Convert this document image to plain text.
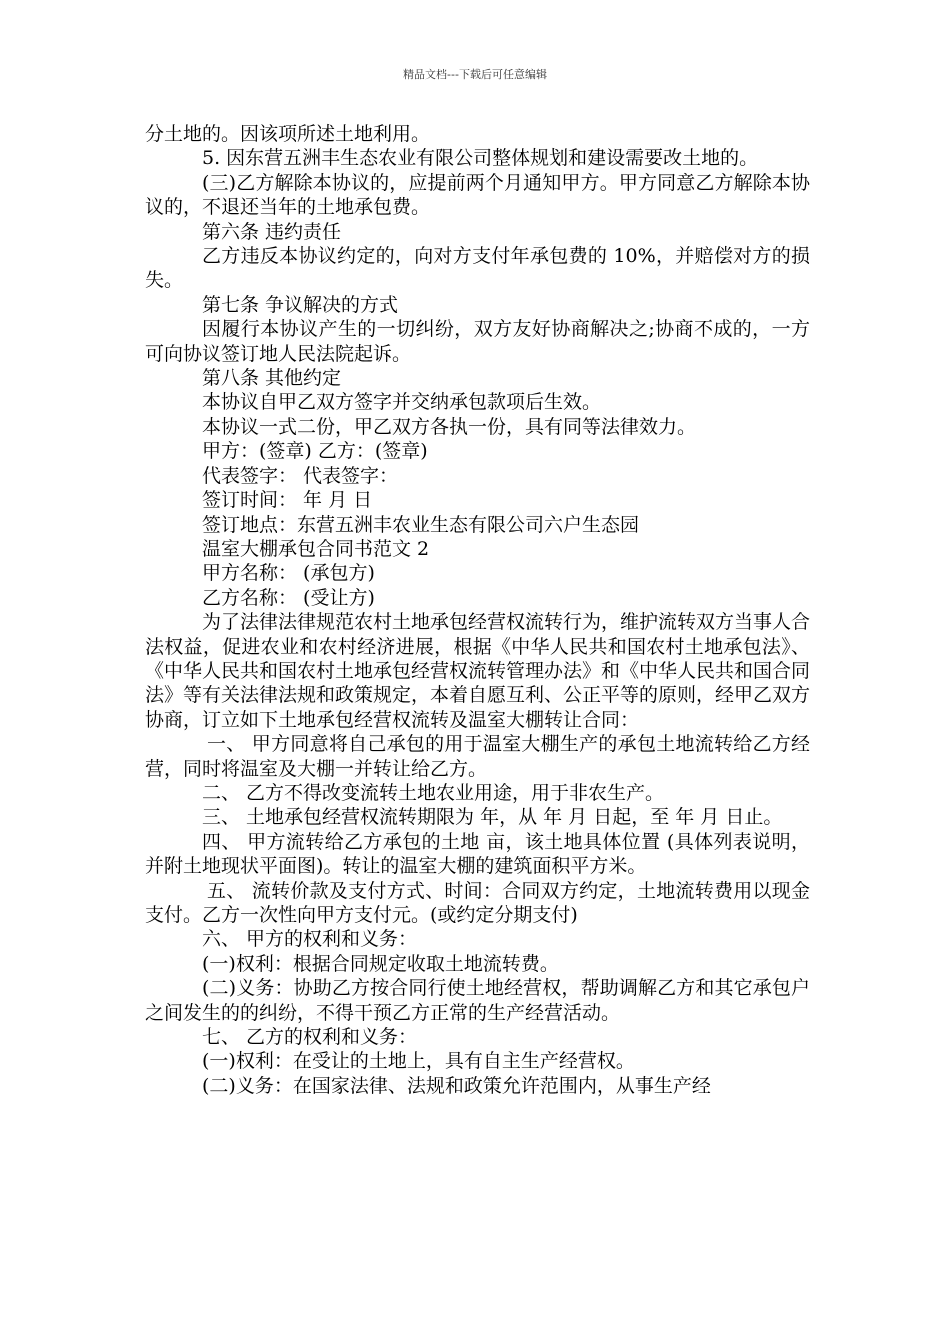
精品文档---下载后可任意编辑

分土地的。因该项所述土地利用。

5. 因东营五洲丰生态农业有限公司整体规划和建设需要改土地的。

(三)乙方解除本协议的，应提前两个月通知甲方。甲方同意乙方解除本协议的，不退还当年的土地承包费。

第六条 违约责任

乙方违反本协议约定的，向对方支付年承包费的 10%，并赔偿对方的损失。

第七条 争议解决的方式

因履行本协议产生的一切纠纷，双方友好协商解决之;协商不成的，一方可向协议签订地人民法院起诉。

第八条 其他约定

本协议自甲乙双方签字并交纳承包款项后生效。

本协议一式二份，甲乙双方各执一份，具有同等法律效力。

甲方：(签章) 乙方：(签章)

代表签字： 代表签字：

签订时间： 年 月 日

签订地点：东营五洲丰农业生态有限公司六户生态园

温室大棚承包合同书范文 2

甲方名称： (承包方)

乙方名称： (受让方)

为了法律法律规范农村土地承包经营权流转行为，维护流转双方当事人合法权益，促进农业和农村经济进展，根据《中华人民共和国农村土地承包法》、《中华人民共和国农村土地承包经营权流转管理办法》和《中华人民共和国合同法》等有关法律法规和政策规定，本着自愿互利、公正平等的原则，经甲乙双方协商，订立如下土地承包经营权流转及温室大棚转让合同：

一、 甲方同意将自己承包的用于温室大棚生产的承包土地流转给乙方经营，同时将温室及大棚一并转让给乙方。

二、 乙方不得改变流转土地农业用途，用于非农生产。

三、 土地承包经营权流转期限为 年，从 年 月 日起，至 年 月 日止。

四、 甲方流转给乙方承包的土地 亩，该土地具体位置 (具体列表说明，并附土地现状平面图)。转让的温室大棚的建筑面积平方米。

五、 流转价款及支付方式、时间：合同双方约定，土地流转费用以现金支付。乙方一次性向甲方支付元。(或约定分期支付)

六、 甲方的权利和义务：

(一)权利：根据合同规定收取土地流转费。

(二)义务：协助乙方按合同行使土地经营权，帮助调解乙方和其它承包户之间发生的的纠纷，不得干预乙方正常的生产经营活动。

七、 乙方的权利和义务：

(一)权利：在受让的土地上，具有自主生产经营权。

(二)义务：在国家法律、法规和政策允许范围内，从事生产经
